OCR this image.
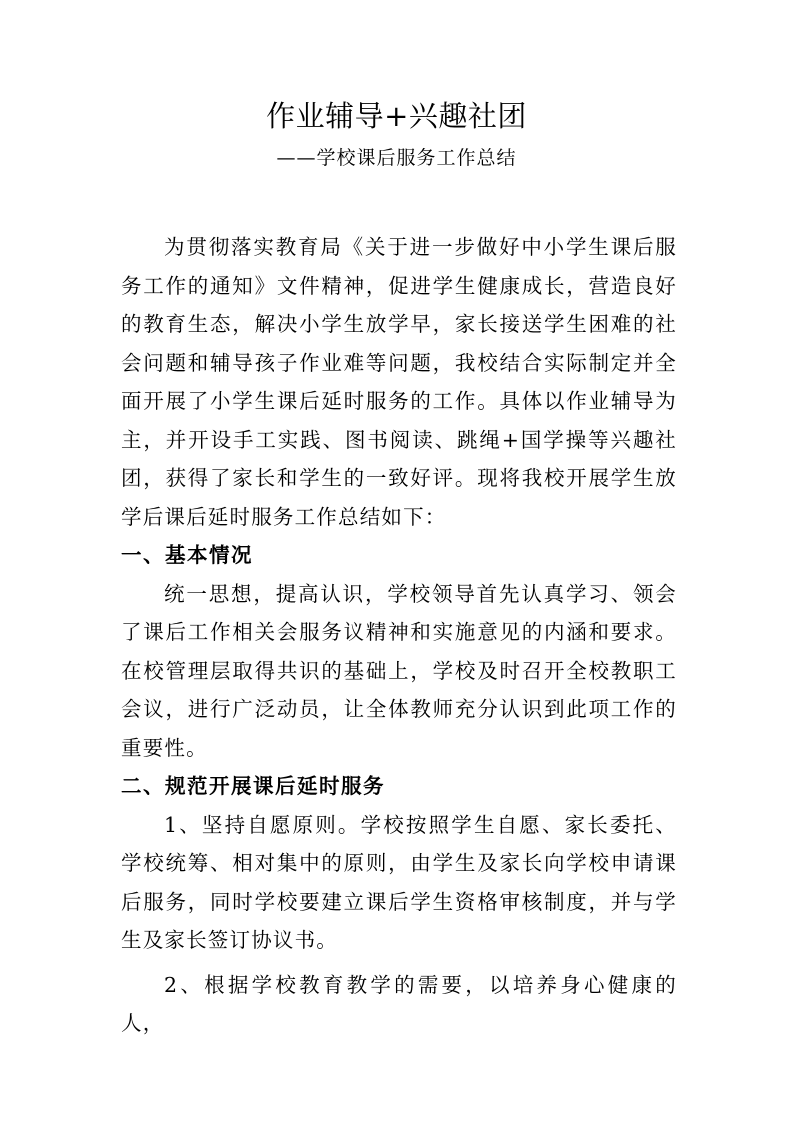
作业辅导+兴趣社团
——学校课后服务工作总结

为贯彻落实教育局《关于进一步做好中小学生课后服务工作的通知》文件精神，促进学生健康成长，营造良好的教育生态，解决小学生放学早，家长接送学生困难的社会问题和辅导孩子作业难等问题，我校结合实际制定并全面开展了小学生课后延时服务的工作。具体以作业辅导为主，并开设手工实践、图书阅读、跳绳+国学操等兴趣社团，获得了家长和学生的一致好评。现将我校开展学生放学后课后延时服务工作总结如下：

一、基本情况

统一思想，提高认识，学校领导首先认真学习、领会了课后工作相关会服务议精神和实施意见的内涵和要求。在校管理层取得共识的基础上，学校及时召开全校教职工会议，进行广泛动员，让全体教师充分认识到此项工作的重要性。

二、规范开展课后延时服务

1、坚持自愿原则。学校按照学生自愿、家长委托、学校统筹、相对集中的原则，由学生及家长向学校申请课后服务，同时学校要建立课后学生资格审核制度，并与学生及家长签订协议书。

2、根据学校教育教学的需要，以培养身心健康的人，
